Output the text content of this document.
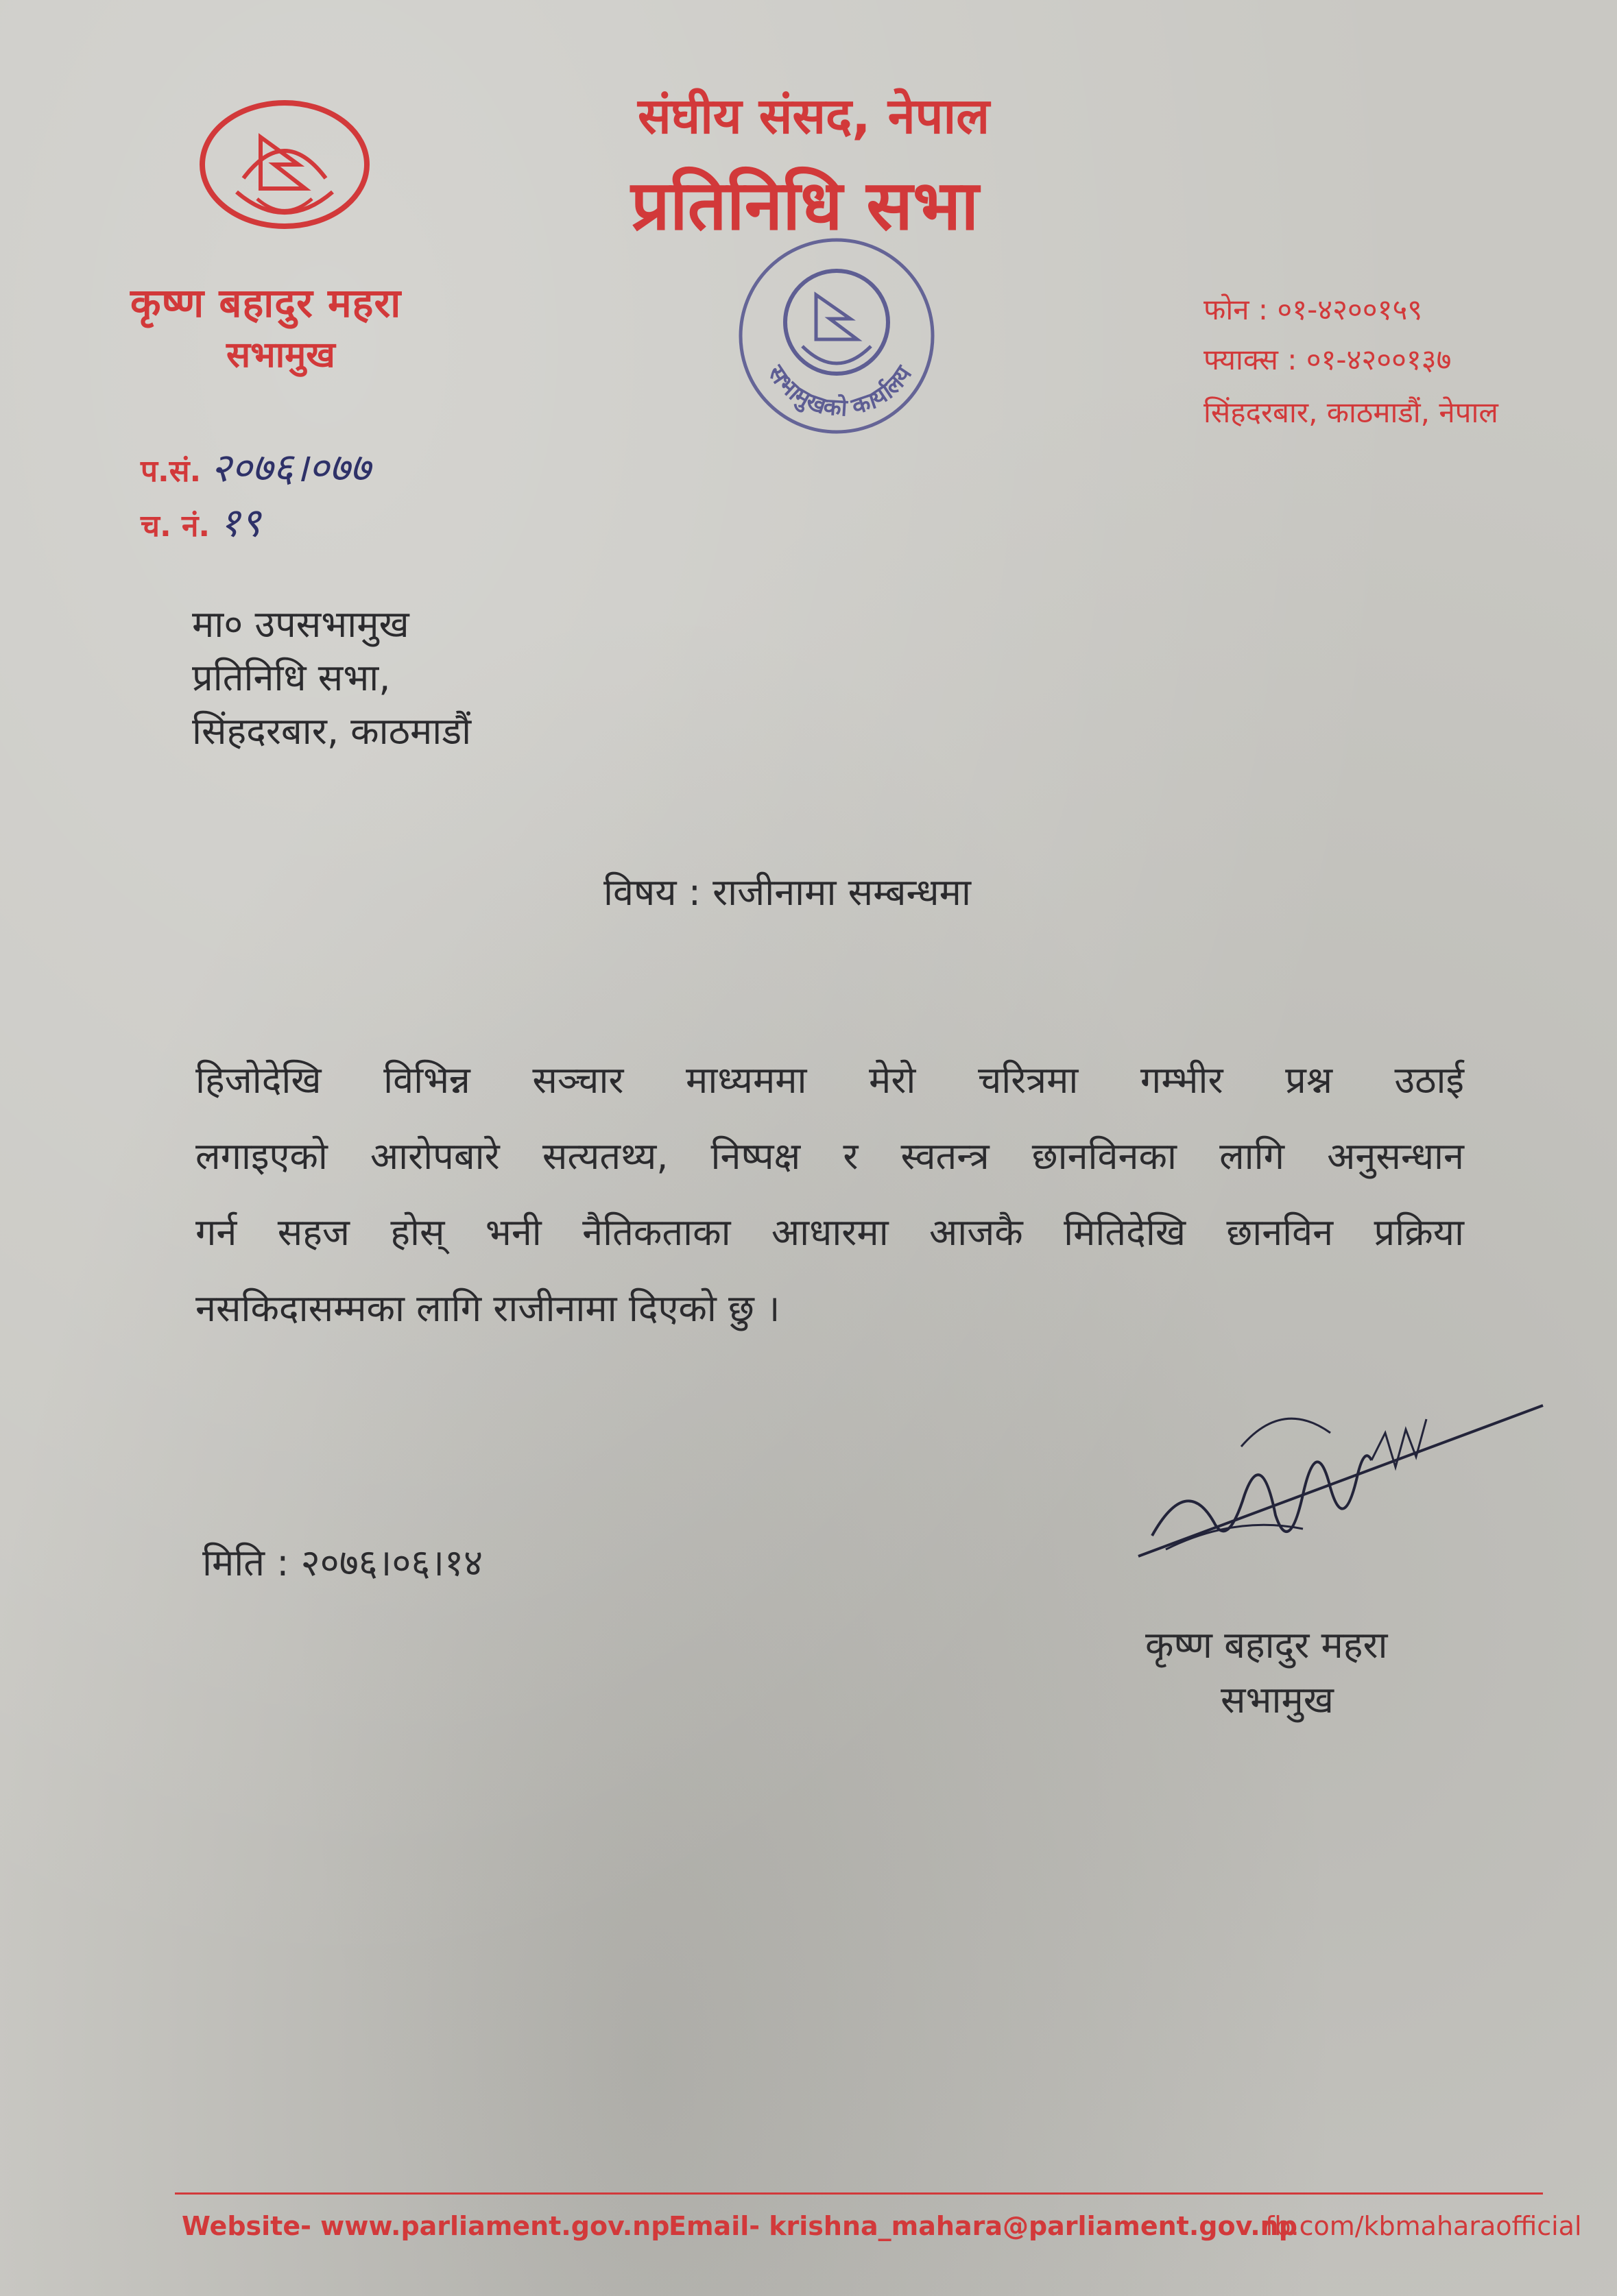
कृष्ण बहादुर महरा
सभामुख
संघीय संसद, नेपाल
प्रतिनिधि सभा
सभामुखको कार्यालय
फोन : ०१-४२००१५९
फ्याक्स : ०१-४२००१३७
सिंहदरबार, काठमाडौं, नेपाल
प.सं. २०७६।०७७
च. नं. १९
मा० उपसभामुख
प्रतिनिधि सभा,
सिंहदरबार, काठमाडौं
विषय : राजीनामा सम्बन्धमा
हिजोदेखि विभिन्न सञ्चार माध्यममा मेरो चरित्रमा गम्भीर प्रश्न उठाई
लगाइएको आरोपबारे सत्यतथ्य, निष्पक्ष र स्वतन्त्र छानविनका लागि अनुसन्धान
गर्न सहज होस् भनी नैतिकताका आधारमा आजकै मितिदेखि छानविन प्रक्रिया
नसकिदासम्मका लागि राजीनामा दिएको छु ।
मिति : २०७६।०६।१४
कृष्ण बहादुर महरा
सभामुख
Website- www.parliament.gov.np
Email- krishna_mahara@parliament.gov.np
fb.com/kbmaharaofficial
